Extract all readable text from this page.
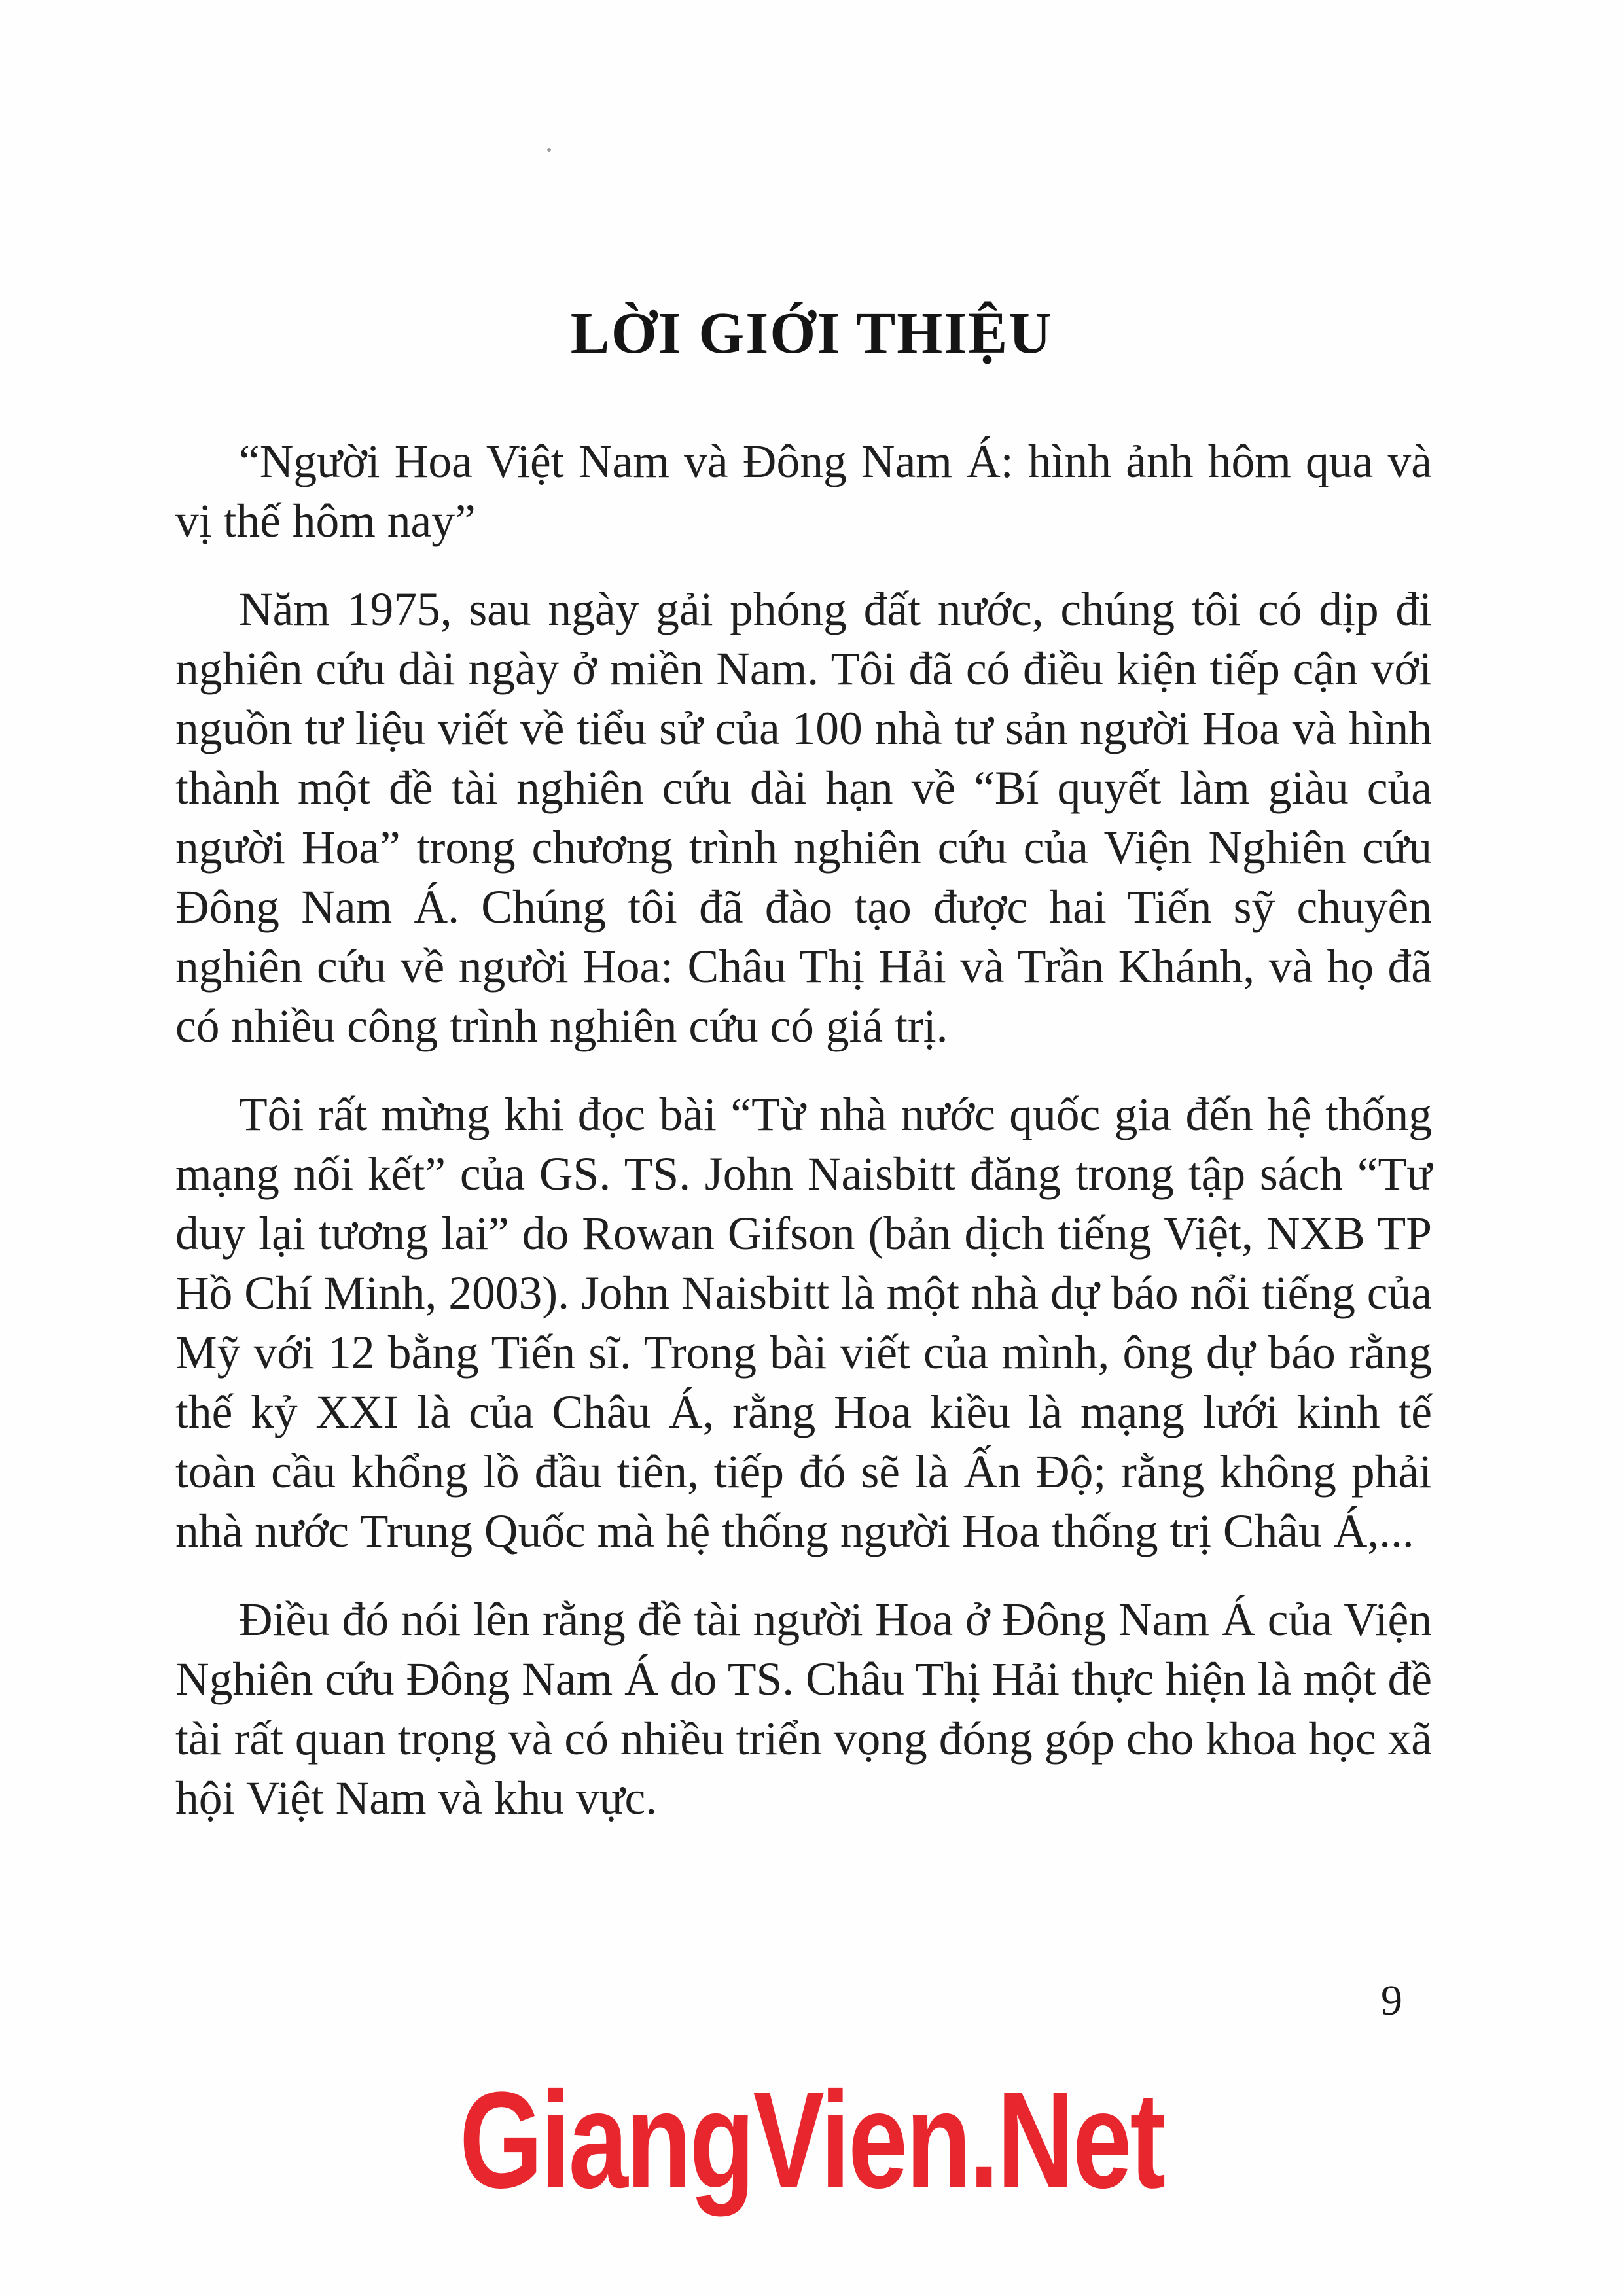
LỜI GIỚI THIỆU

“Người Hoa Việt Nam và Đông Nam Á: hình ảnh hôm qua và vị thế hôm nay”

Năm 1975, sau ngày gải phóng đất nước, chúng tôi có dịp đi nghiên cứu dài ngày ở miền Nam. Tôi đã có điều kiện tiếp cận với nguồn tư liệu viết về tiểu sử của 100 nhà tư sản người Hoa và hình thành một đề tài nghiên cứu dài hạn về “Bí quyết làm giàu của người Hoa” trong chương trình nghiên cứu của Viện Nghiên cứu Đông Nam Á. Chúng tôi đã đào tạo được hai Tiến sỹ chuyên nghiên cứu về người Hoa: Châu Thị Hải và Trần Khánh, và họ đã có nhiều công trình nghiên cứu có giá trị.

Tôi rất mừng khi đọc bài “Từ nhà nước quốc gia đến hệ thống mạng nối kết” của GS. TS. John Naisbitt đăng trong tập sách “Tư duy lại tương lai” do Rowan Gifson (bản dịch tiếng Việt, NXB TP Hồ Chí Minh, 2003). John Naisbitt là một nhà dự báo nổi tiếng của Mỹ với 12 bằng Tiến sĩ. Trong bài viết của mình, ông dự báo rằng thế kỷ XXI là của Châu Á, rằng Hoa kiều là mạng lưới kinh tế toàn cầu khổng lồ đầu tiên, tiếp đó sẽ là Ấn Độ; rằng không phải nhà nước Trung Quốc mà hệ thống người Hoa thống trị Châu Á,...

Điều đó nói lên rằng đề tài người Hoa ở Đông Nam Á của Viện Nghiên cứu Đông Nam Á do TS. Châu Thị Hải thực hiện là một đề tài rất quan trọng và có nhiều triển vọng đóng góp cho khoa học xã hội Việt Nam và khu vực.

9
GiangVien.Net
